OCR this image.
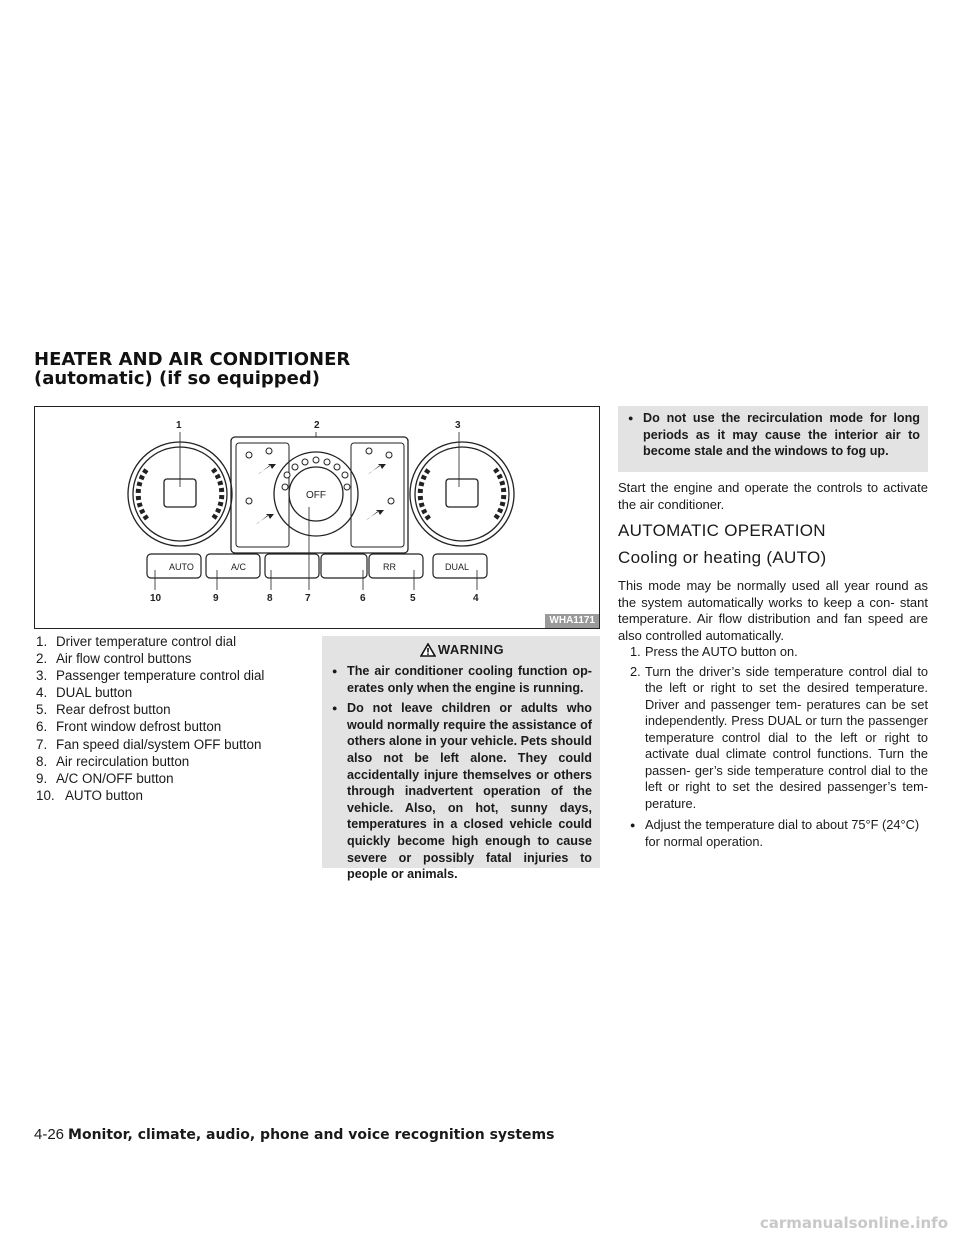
HEATER AND AIR CONDITIONER
(automatic) (if so equipped)
OFF
AUTO	A/C	RR	DUAL
1	2	3
4
5
6
7
8
9
10
WHA1171
1. Driver temperature control dial
2. Air flow control buttons
3. Passenger temperature control dial
4. DUAL button
5. Rear defrost button
6. Front window defrost button
7. Fan speed dial/system OFF button
8. Air recirculation button
9. A/C ON/OFF button
10. AUTO button
WARNING
● The air conditioner cooling function op- erates only when the engine is running.
● Do not leave children or adults who would normally require the assistance of others alone in your vehicle. Pets should also not be left alone. They could accidentally injure themselves or others through inadvertent operation of the vehicle. Also, on hot, sunny days, temperatures in a closed vehicle could quickly become high enough to cause severe or possibly fatal injuries to people or animals.
● Do not use the recirculation mode for long periods as it may cause the interior air to become stale and the windows to fog up.
Start the engine and operate the controls to activate the air conditioner.
AUTOMATIC OPERATION
Cooling or heating (AUTO)
This mode may be normally used all year round as the system automatically works to keep a con- stant temperature. Air flow distribution and fan speed are also controlled automatically.
1. Press the AUTO button on.
2. Turn the driver’s side temperature control dial to the left or right to set the desired temperature. Driver and passenger tem- peratures can be set independently. Press DUAL or turn the passenger temperature control dial to the left or right to activate dual climate control functions. Turn the passen- ger’s side temperature control dial to the left or right to set the desired passenger’s tem- perature.
● Adjust the temperature dial to about 75°F (24°C) for normal operation.
4-26 Monitor, climate, audio, phone and voice recognition systems
carmanualsonline.info
